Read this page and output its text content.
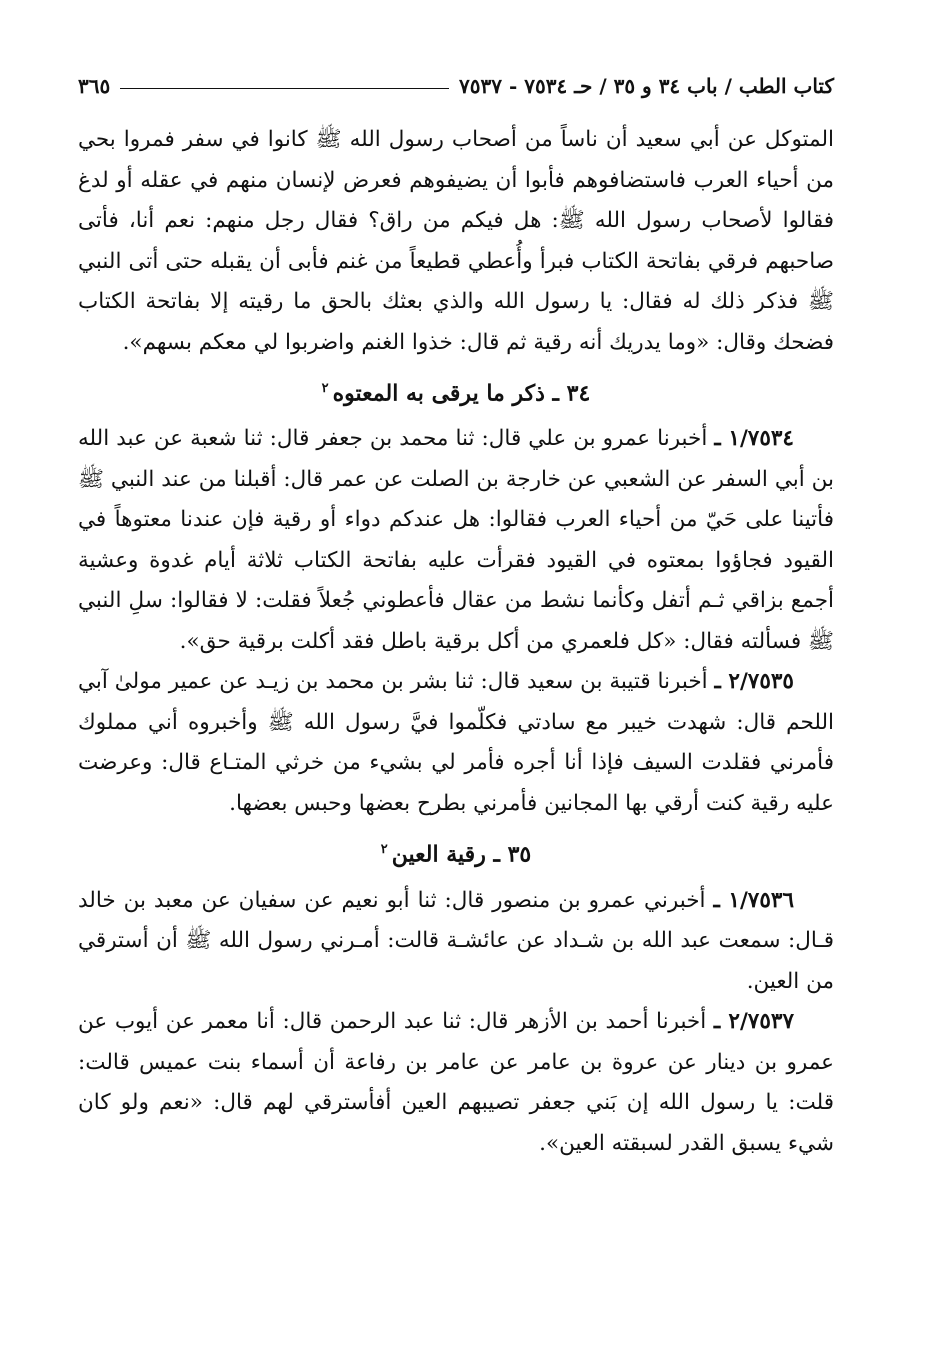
كتاب الطب / باب ٣٤ و ٣٥ / حـ ٧٥٣٤ - ٧٥٣٧
٣٦٥

المتوكل عن أبي سعيد أن ناساً من أصحاب رسول الله ﷺ كانوا في سفر فمروا بحي من أحياء العرب فاستضافوهم فأبوا أن يضيفوهم فعرض لإنسان منهم في عقله أو لدغ فقالوا لأصحاب رسول الله ﷺ: هل فيكم من راق؟ فقال رجل منهم: نعم أنا، فأتى صاحبهم فرقي بفاتحة الكتاب فبرأ وأُعطي قطيعاً من غنم فأبى أن يقبله حتى أتى النبي ﷺ فذكر ذلك له فقال: يا رسول الله والذي بعثك بالحق ما رقيته إلا بفاتحة الكتاب فضحك وقال: «وما يدريك أنه رقية ثم قال: خذوا الغنم واضربوا لي معكم بسهم».

٣٤ ـ ذكر ما يرقى به المعتوه$^٢$

١/٧٥٣٤ ـ أخبرنا عمرو بن علي قال: ثنا محمد بن جعفر قال: ثنا شعبة عن عبد الله بن أبي السفر عن الشعبي عن خارجة بن الصلت عن عمر قال: أقبلنا من عند النبي ﷺ فأتينا على حَيّ من أحياء العرب فقالوا: هل عندكم دواء أو رقية فإن عندنا معتوهاً في القيود فجاؤوا بمعتوه في القيود فقرأت عليه بفاتحة الكتاب ثلاثة أيام غدوة وعشية أجمع بزاقي ثـم أتفل وكأنما نشط من عقال فأعطوني جُعلاً فقلت: لا فقالوا: سلِ النبي ﷺ فسألته فقال: «كل فلعمري من أكل برقية باطل فقد أكلت برقية حق».

٢/٧٥٣٥ ـ أخبرنا قتيبة بن سعيد قال: ثنا بشر بن محمد بن زيـد عن عمير مولىٰ آبي اللحم قال: شهدت خيبر مع سادتي فكلّموا فيَّ رسول الله ﷺ وأخبروه أني مملوك فأمرني فقلدت السيف فإذا أنا أجره فأمر لي بشيء من خرثي المتـاع قال: وعرضت عليه رقية كنت أرقي بها المجانين فأمرني بطرح بعضها وحبس بعضها.

٣٥ ـ رقية العين$^٢$

١/٧٥٣٦ ـ أخبرني عمرو بن منصور قال: ثنا أبو نعيم عن سفيان عن معبد بن خالد قـال: سمعت عبد الله بن شـداد عن عائشـة قالت: أمـرني رسول الله ﷺ أن أسترقي من العين.

٢/٧٥٣٧ ـ أخبرنا أحمد بن الأزهر قال: ثنا عبد الرحمن قال: أنا معمر عن أيوب عن عمرو بن دينار عن عروة بن عامر عن عامر بن رفاعة أن أسماء بنت عميس قالت: قلت: يا رسول الله إن بَني جعفر تصيبهم العين أفأسترقي لهم قال: «نعم ولو كان شيء يسبق القدر لسبقته العين».
